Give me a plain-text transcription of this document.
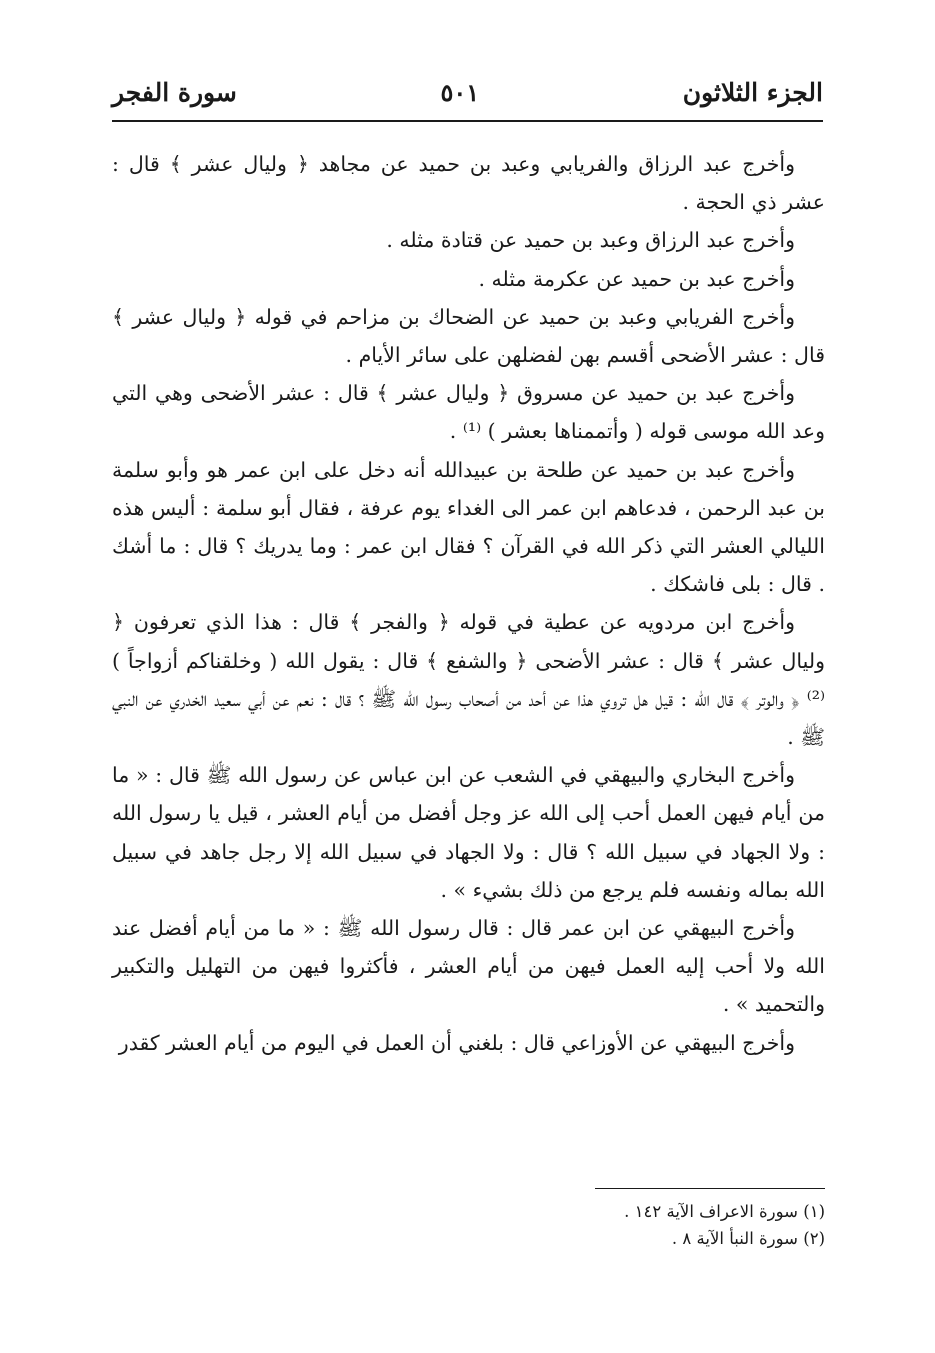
الجزء الثلاثون
٥٠١
سورة الفجر

وأخرج عبد الرزاق والفريابي وعبد بن حميد عن مجاهد ﴿ وليال عشر ﴾ قال : عشر ذي الحجة .

وأخرج عبد الرزاق وعبد بن حميد عن قتادة مثله .

وأخرج عبد بن حميد عن عكرمة مثله .

وأخرج الفريابي وعبد بن حميد عن الضحاك بن مزاحم في قوله ﴿ وليال عشر ﴾ قال : عشر الأضحى أقسم بهن لفضلهن على سائر الأيام .

وأخرج عبد بن حميد عن مسروق ﴿ وليال عشر ﴾ قال : عشر الأضحى وهي التي وعد الله موسى قوله ( وأتممناها بعشر ) ⁽¹⁾ .

وأخرج عبد بن حميد عن طلحة بن عبيدالله أنه دخل على ابن عمر هو وأبو سلمة بن عبد الرحمن ، فدعاهم ابن عمر الى الغداء يوم عرفة ، فقال أبو سلمة : أليس هذه الليالي العشر التي ذكر الله في القرآن ؟ فقال ابن عمر : وما يدريك ؟ قال : ما أشك . قال : بلى فاشكك .

وأخرج ابن مردويه عن عطية في قوله ﴿ والفجر ﴾ قال : هذا الذي تعرفون ﴿ وليال عشر ﴾ قال : عشر الأضحى ﴿ والشفع ﴾ قال : يقول الله ( وخلقناكم أزواجاً ) ⁽²⁾ ﴿ والوتر ﴾ قال الله : قيل هل تروي هذا عن أحد من أصحاب رسول الله ﷺ ؟ قال : نعم عن أبي سعيد الخدري عن النبي ﷺ .

وأخرج البخاري والبيهقي في الشعب عن ابن عباس عن رسول الله ﷺ قال : « ما من أيام فيهن العمل أحب إلى الله عز وجل أفضل من أيام العشر ، قيل يا رسول الله : ولا الجهاد في سبيل الله ؟ قال : ولا الجهاد في سبيل الله إلا رجل جاهد في سبيل الله بماله ونفسه فلم يرجع من ذلك بشيء » .

وأخرج البيهقي عن ابن عمر قال : قال رسول الله ﷺ : « ما من أيام أفضل عند الله ولا أحب إليه العمل فيهن من أيام العشر ، فأكثروا فيهن من التهليل والتكبير والتحميد » .

وأخرج البيهقي عن الأوزاعي قال : بلغني أن العمل في اليوم من أيام العشر كقدر

(١) سورة الاعراف الآية ١٤٢ .

(٢) سورة النبأ الآية ٨ .
